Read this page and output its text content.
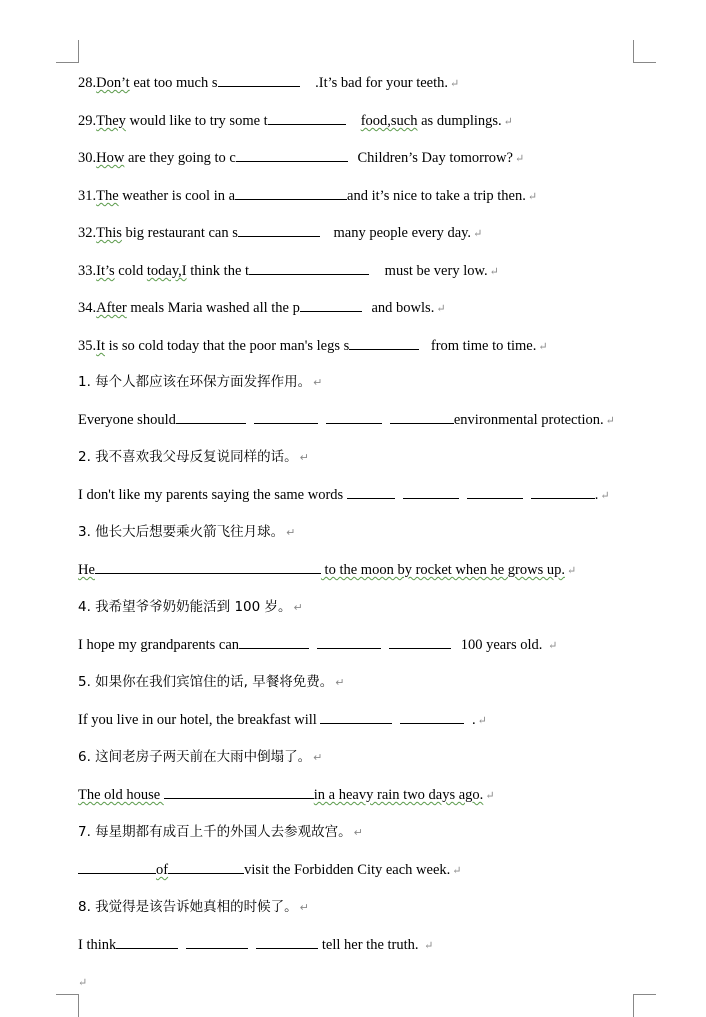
28.Don’t eat too much s	.It’s bad for your teeth. ↵
29.They would like to try some t	food,such as dumplings. ↵
30.How are they going to c	Children’s Day tomorrow? ↵
31.The weather is cool in a	and it’s nice to take a trip then. ↵
32.This big restaurant can s	many people every day. ↵
33.It’s cold today,I think the t	must be very low. ↵
34.After meals Maria washed all the p	and bowls. ↵
35.It is so cold today that the poor man's legs s	from time to time. ↵
1. 每个人都应该在环保方面发挥作用。 ↵
Everyone should	environmental protection. ↵
2. 我不喜欢我父母反复说同样的话。 ↵
I don't like my parents saying the same words	. ↵
3. 他长大后想要乘火箭飞往月球。 ↵
He	to the moon by rocket when he grows up. ↵
4. 我希望爷爷奶奶能活到 100 岁。 ↵
I hope my grandparents can	100 years old. ↵
5. 如果你在我们宾馆住的话, 早餐将免费。 ↵
If you live in our hotel, the breakfast will	. ↵
6. 这间老房子两天前在大雨中倒塌了。 ↵
The old house	in a heavy rain two days ago. ↵
7. 每星期都有成百上千的外国人去参观故宫。 ↵
of	visit the Forbidden City each week. ↵
8. 我觉得是该告诉她真相的时候了。 ↵
I think	tell her the truth. ↵
↵
